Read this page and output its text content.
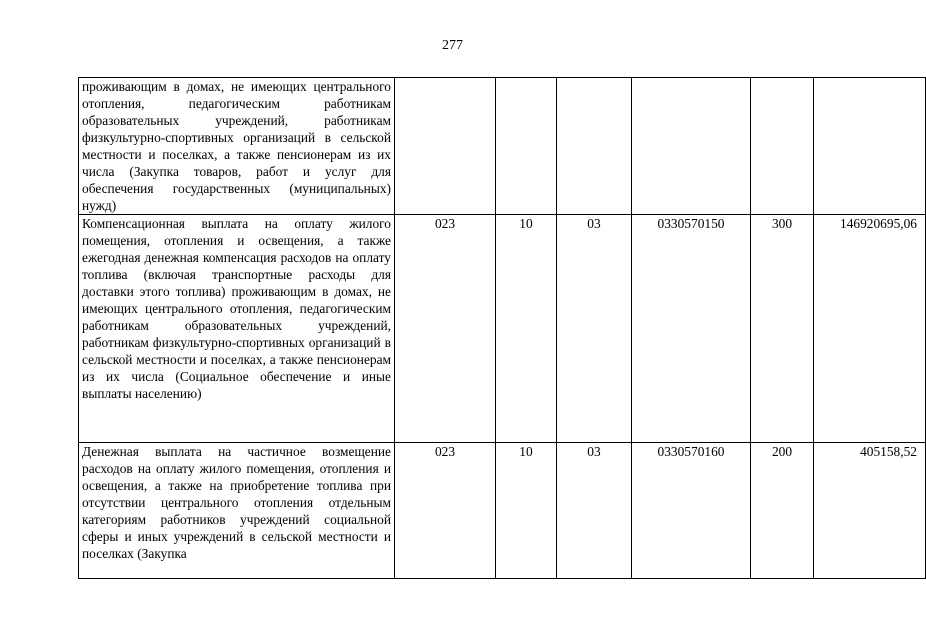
277
проживающим в домах, не имеющих центрального отопления, педагогическим работникам образовательных учреждений, работникам физкультурно-спортивных организаций в сельской местности и поселках, а также пенсионерам из их числа (Закупка товаров, работ и услуг для обеспечения государственных (муниципальных) нужд)						
Компенсационная выплата на оплату жилого помещения, отопления и освещения, а также ежегодная денежная компенсация расходов на оплату топлива (включая транспортные расходы для доставки этого топлива) проживающим в домах, не имеющих центрального отопления, педагогическим работникам образовательных учреждений, работникам физкультурно-спортивных организаций в сельской местности и поселках, а также пенсионерам из их числа (Социальное обеспечение и иные выплаты населению)	023	10	03	0330570150	300	146920695,06
Денежная выплата на частичное возмещение расходов на оплату жилого помещения, отопления и освещения, а также на приобретение топлива при отсутствии центрального отопления отдельным категориям работников учреждений социальной сферы и иных учреждений в сельской местности и поселках (Закупка	023	10	03	0330570160	200	405158,52
